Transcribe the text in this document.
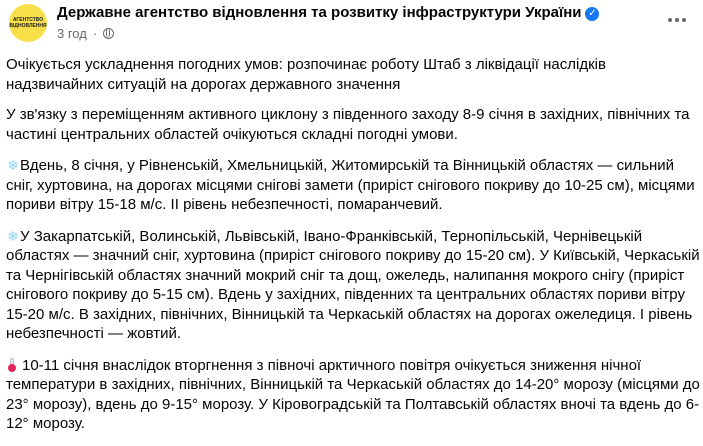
АГЕНТСТВО
ВІДНОВЛЕННЯ
Державне агентство відновлення та розвитку інфраструктури України ✓
3 год ·

Очікується ускладнення погодних умов: розпочинає роботу Штаб з ліквідації наслідків надзвичайних ситуацій на дорогах державного значення

У зв'язку з переміщенням активного циклону з південного заходу 8-9 січня в західних, північних та частині центральних областей очікуються складні погодні умови.

❄Вдень, 8 січня, у Рівненській, Хмельницькій, Житомирській та Вінницькій областях — сильний сніг, хуртовина, на дорогах місцями снігові замети (приріст снігового покриву до 10-25 см), місцями пориви вітру 15-18 м/с. ІІ рівень небезпечності, помаранчевий.

❄У Закарпатській, Волинській, Львівській, Івано-Франківській, Тернопільській, Чернівецькій областях — значний сніг, хуртовина (приріст снігового покриву до 15-20 см). У Київській, Черкаській та Чернігівській областях значний мокрий сніг та дощ, ожеледь, налипання мокрого снігу (приріст снігового покриву до 5-15 см). Вдень у західних, південних та центральних областях пориви вітру 15-20 м/с. В західних, північних, Вінницькій та Черкаській областях на дорогах ожеледиця. І рівень небезпечності — жовтий.

10-11 січня внаслідок вторгнення з півночі арктичного повітря очікується зниження нічної температури в західних, північних, Вінницькій та Черкаській областях до 14-20° морозу (місцями до 23° морозу), вдень до 9-15° морозу. У Кіровоградській та Полтавській областях вночі та вдень до 6-12° морозу.
